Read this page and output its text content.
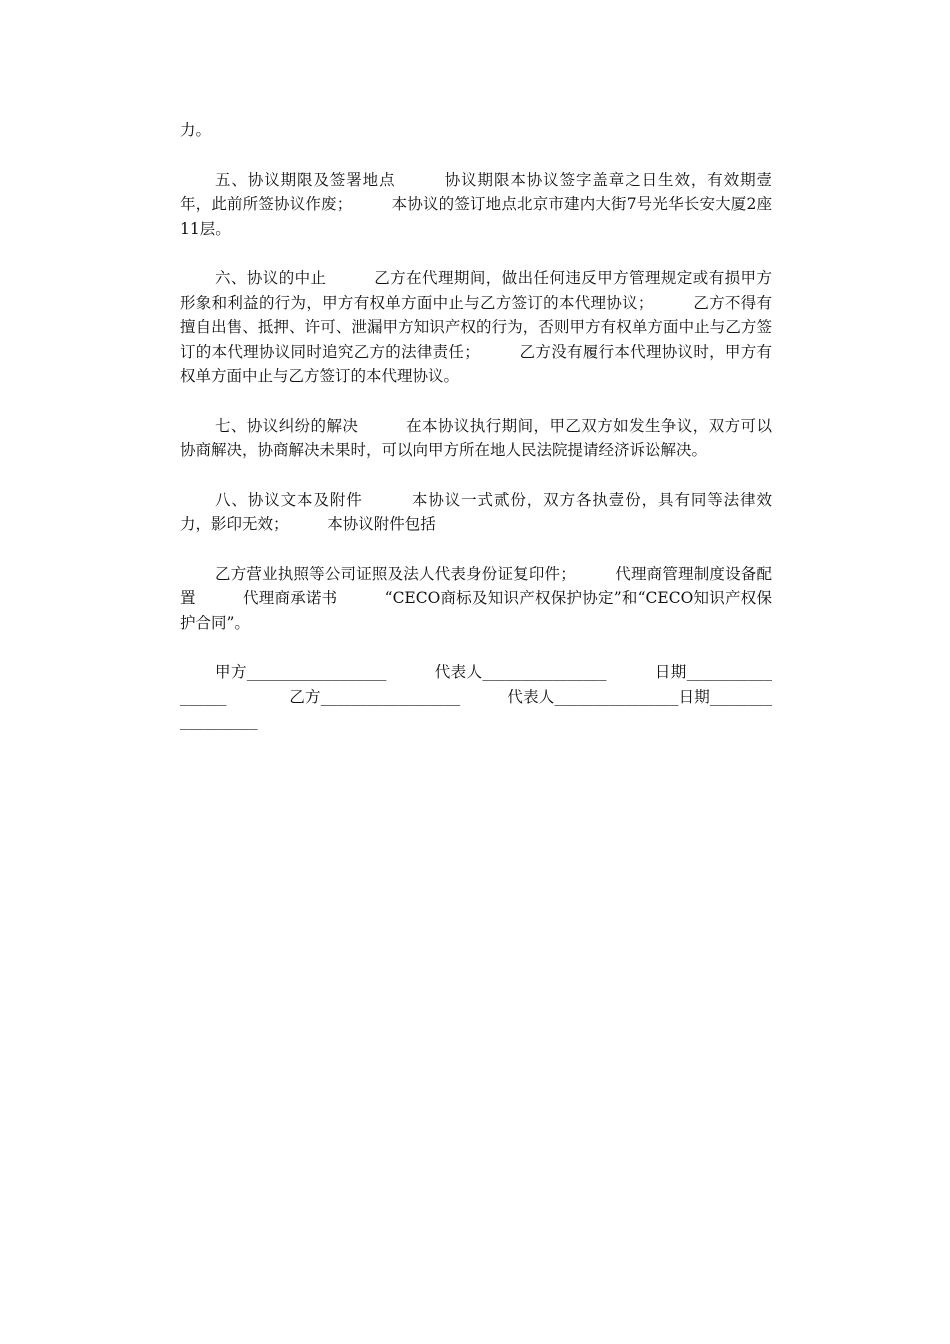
力。

五、协议期限及签署地点　　　协议期限本协议签字盖章之日生效，有效期壹年，此前所签协议作废；　　　本协议的签订地点北京市建内大街7号光华长安大厦2座11层。

六、协议的中止　　　乙方在代理期间，做出任何违反甲方管理规定或有损甲方形象和利益的行为，甲方有权单方面中止与乙方签订的本代理协议；　　　乙方不得有擅自出售、抵押、许可、泄漏甲方知识产权的行为，否则甲方有权单方面中止与乙方签订的本代理协议同时追究乙方的法律责任；　　　乙方没有履行本代理协议时，甲方有权单方面中止与乙方签订的本代理协议。

七、协议纠纷的解决　　　在本协议执行期间，甲乙双方如发生争议，双方可以协商解决，协商解决未果时，可以向甲方所在地人民法院提请经济诉讼解决。

八、协议文本及附件　　　本协议一式贰份，双方各执壹份，具有同等法律效力，影印无效；　　　本协议附件包括

乙方营业执照等公司证照及法人代表身份证复印件；　　　代理商管理制度设备配置　　　代理商承诺书　　　“CECO商标及知识产权保护协定”和“CECO知识产权保护合同”。

甲方__________________　　　代表人________________　　　日期_________________　　　　乙方__________________　　　代表人________________日期__________________
